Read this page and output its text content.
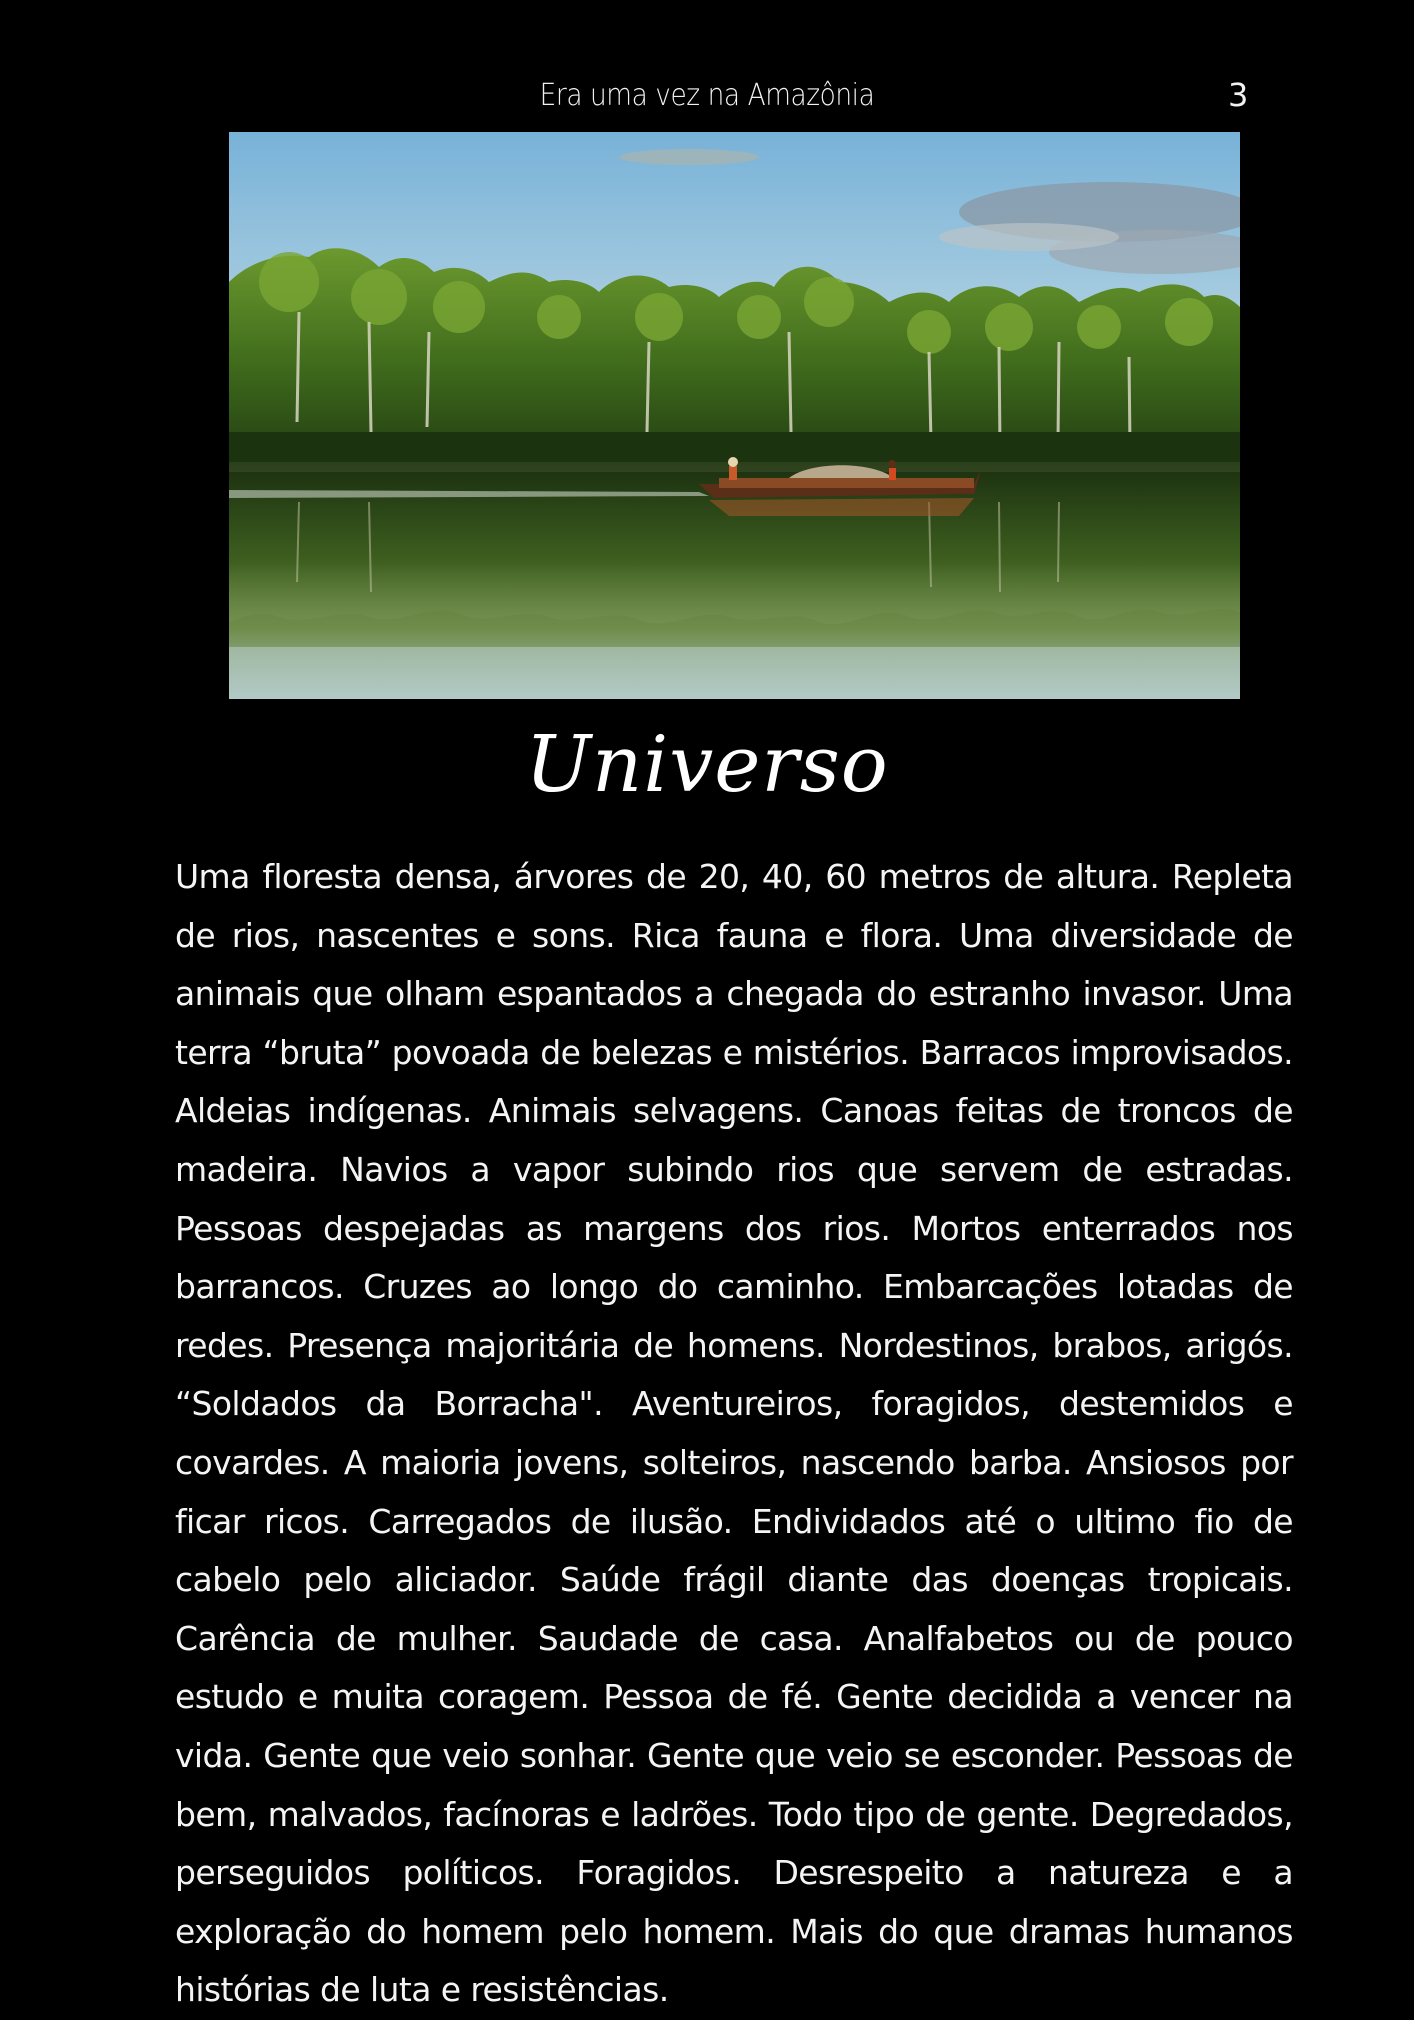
Era uma vez na Amazônia	3
Universo

Uma floresta densa, árvores de 20, 40, 60 metros de altura. Repleta de rios, nascentes e sons. Rica fauna e flora. Uma diversidade de animais que olham espantados a chegada do estranho invasor. Uma terra “bruta” povoada de belezas e mistérios. Barracos improvisados. Aldeias indígenas. Animais selvagens. Canoas feitas de troncos de madeira. Navios a vapor subindo rios que servem de estradas. Pessoas despejadas as margens dos rios. Mortos enterrados nos barrancos. Cruzes ao longo do caminho. Embarcações lotadas de redes. Presença majoritária de homens. Nordestinos, brabos, arigós. “Soldados da Borracha". Aventureiros, foragidos, destemidos e covardes. A maioria jovens, solteiros, nascendo barba. Ansiosos por ficar ricos. Carregados de ilusão. Endividados até o ultimo fio de cabelo pelo aliciador. Saúde frágil diante das doenças tropicais. Carência de mulher. Saudade de casa. Analfabetos ou de pouco estudo e muita coragem. Pessoa de fé. Gente decidida a vencer na vida. Gente que veio sonhar. Gente que veio se esconder. Pessoas de bem, malvados, facínoras e ladrões. Todo tipo de gente. Degredados, perseguidos políticos. Foragidos. Desrespeito a natureza e a exploração do homem pelo homem. Mais do que dramas humanos histórias de luta e resistências.
